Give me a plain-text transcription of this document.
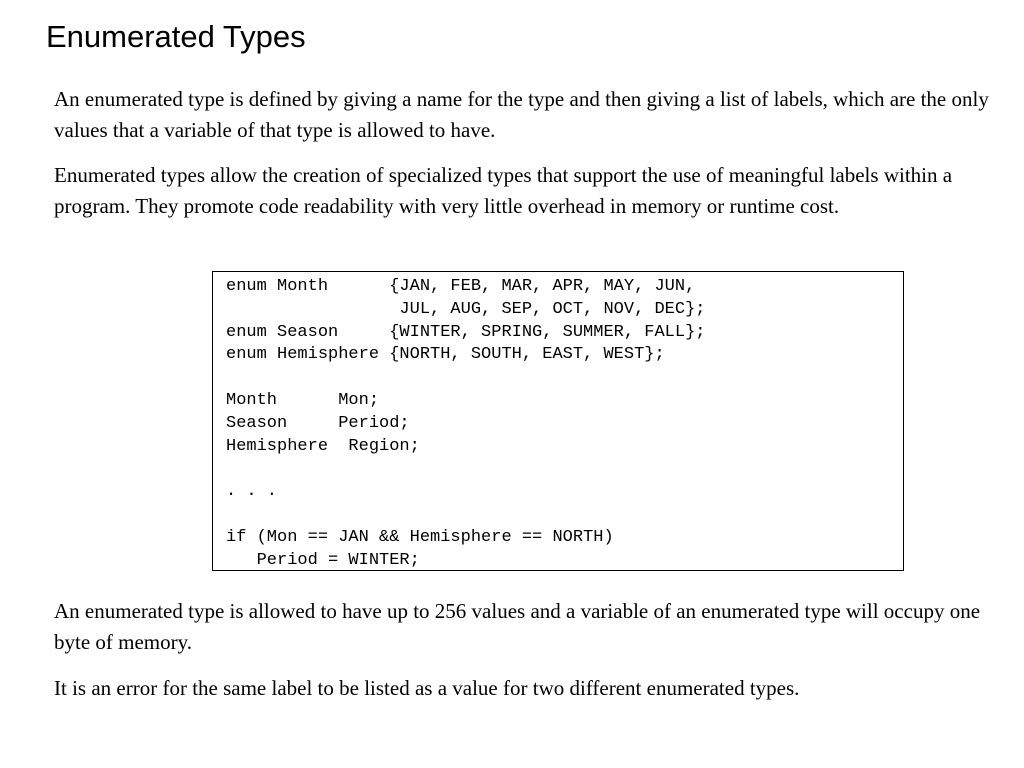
Enumerated Types

An enumerated type is defined by giving a name for the type and then giving a list of labels, which are the only values that a variable of that type is allowed to have.

Enumerated types allow the creation of specialized types that support the use of meaningful labels within a program. They promote code readability with very little overhead in memory or runtime cost.

enum Month      {JAN, FEB, MAR, APR, MAY, JUN,
JUL, AUG, SEP, OCT, NOV, DEC};
enum Season     {WINTER, SPRING, SUMMER, FALL};
enum Hemisphere {NORTH, SOUTH, EAST, WEST};
Month      Mon;
Season     Period;
Hemisphere  Region;
. . .
if (Mon == JAN && Hemisphere == NORTH)
Period = WINTER;

An enumerated type is allowed to have up to 256 values and a variable of an enumerated type will occupy one byte of memory.

It is an error for the same label to be listed as a value for two different enumerated types.
